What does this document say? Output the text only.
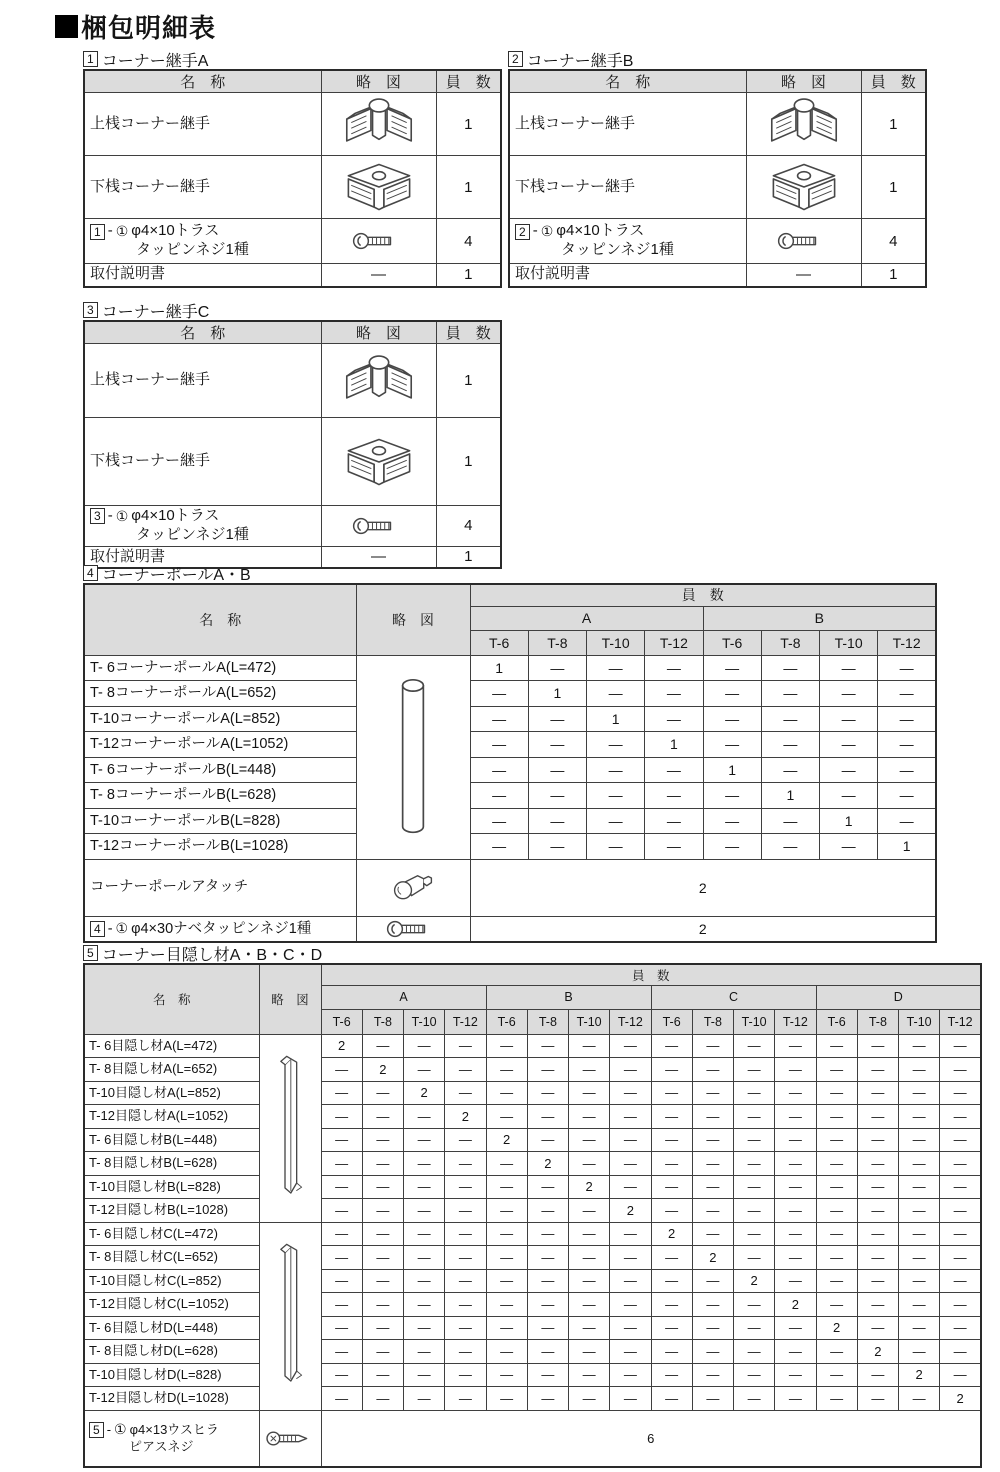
梱包明細表
1 コーナー継手A
名　称	略　図	員　数
上桟コーナー継手		1
下桟コーナー継手		1

1 - ① φ4×10トラス
タッピンネジ1種		4
取付説明書	—	1
2 コーナー継手B
名　称	略　図	員　数
上桟コーナー継手		1
下桟コーナー継手		1

2 - ① φ4×10トラス
タッピンネジ1種		4
取付説明書	—	1
3 コーナー継手C
名　称	略　図	員　数
上桟コーナー継手		1
下桟コーナー継手		1

3 - ① φ4×10トラス
タッピンネジ1種		4
取付説明書	—	1
4 コーナーポールA・B
名　称	略　図	員　数							
		A				B			
		T-6	T-8	T-10	T-12	T-6	T-8	T-10	T-12
T- 6コーナーポールA(L=472)		1	—	—	—	—	—	—	—
T- 8コーナーポールA(L=652)		—	1	—	—	—	—	—	—
T-10コーナーポールA(L=852)		—	—	1	—	—	—	—	—
T-12コーナーポールA(L=1052)		—	—	—	1	—	—	—	—
T- 6コーナーポールB(L=448)		—	—	—	—	1	—	—	—
T- 8コーナーポールB(L=628)		—	—	—	—	—	1	—	—
T-10コーナーポールB(L=828)		—	—	—	—	—	—	1	—
T-12コーナーポールB(L=1028)		—	—	—	—	—	—	—	1
コーナーポールアタッチ		2							

4 - ① φ4×30ナベタッピンネジ1種		2							
5 コーナー目隠し材A・B・C・D
名　称	略　図	員　数															
		A				B				C				D			
		T-6	T-8	T-10	T-12	T-6	T-8	T-10	T-12	T-6	T-8	T-10	T-12	T-6	T-8	T-10	T-12
T- 6目隠し材A(L=472)		2	—	—	—	—	—	—	—	—	—	—	—	—	—	—	—
T- 8目隠し材A(L=652)		—	2	—	—	—	—	—	—	—	—	—	—	—	—	—	—
T-10目隠し材A(L=852)		—	—	2	—	—	—	—	—	—	—	—	—	—	—	—	—
T-12目隠し材A(L=1052)		—	—	—	2	—	—	—	—	—	—	—	—	—	—	—	—
T- 6目隠し材B(L=448)		—	—	—	—	2	—	—	—	—	—	—	—	—	—	—	—
T- 8目隠し材B(L=628)		—	—	—	—	—	2	—	—	—	—	—	—	—	—	—	—
T-10目隠し材B(L=828)		—	—	—	—	—	—	2	—	—	—	—	—	—	—	—	—
T-12目隠し材B(L=1028)		—	—	—	—	—	—	—	2	—	—	—	—	—	—	—	—
T- 6目隠し材C(L=472)		—	—	—	—	—	—	—	—	2	—	—	—	—	—	—	—
T- 8目隠し材C(L=652)		—	—	—	—	—	—	—	—	—	2	—	—	—	—	—	—
T-10目隠し材C(L=852)		—	—	—	—	—	—	—	—	—	—	2	—	—	—	—	—
T-12目隠し材C(L=1052)		—	—	—	—	—	—	—	—	—	—	—	2	—	—	—	—
T- 6目隠し材D(L=448)		—	—	—	—	—	—	—	—	—	—	—	—	2	—	—	—
T- 8目隠し材D(L=628)		—	—	—	—	—	—	—	—	—	—	—	—	—	2	—	—
T-10目隠し材D(L=828)		—	—	—	—	—	—	—	—	—	—	—	—	—	—	2	—
T-12目隠し材D(L=1028)		—	—	—	—	—	—	—	—	—	—	—	—	—	—	—	2

5 - ① φ4×13ウスヒラ
ピアスネジ		6															
